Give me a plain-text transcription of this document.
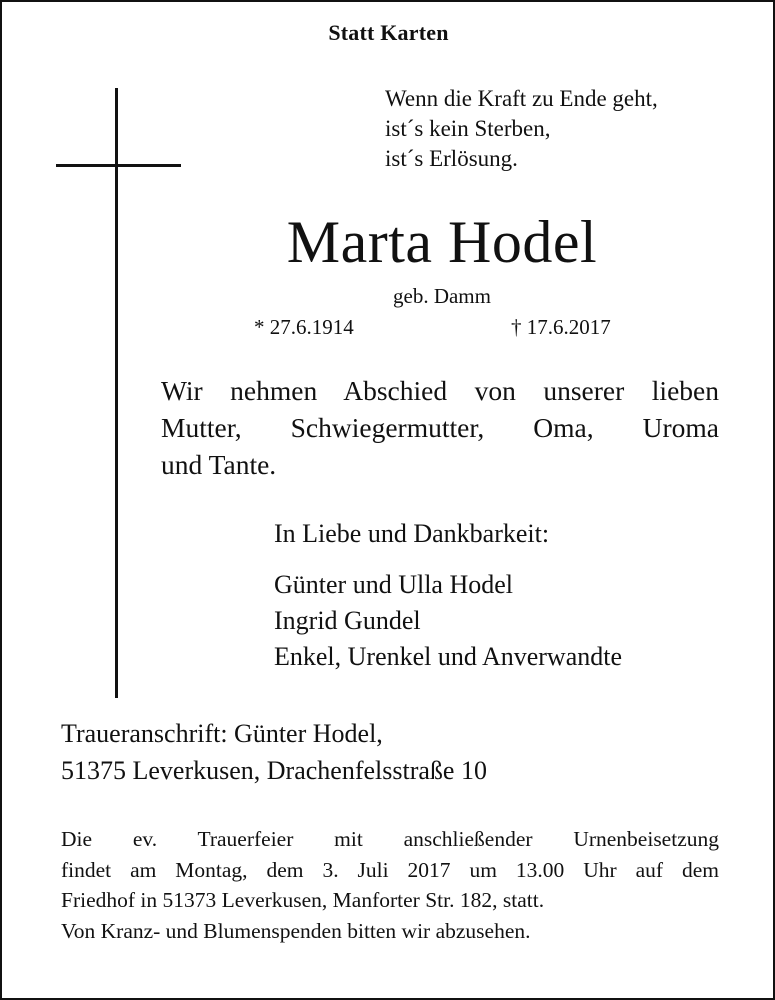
Statt Karten
Wenn die Kraft zu Ende geht,
ist´s kein Sterben,
ist´s Erlösung.
Marta Hodel
geb. Damm
* 27.6.1914	† 17.6.2017
Wir nehmen Abschied von unserer lieben
Mutter, Schwiegermutter, Oma, Uroma
und Tante.
In Liebe und Dankbarkeit:
Günter und Ulla Hodel
Ingrid Gundel
Enkel, Urenkel und Anverwandte
Traueranschrift: Günter Hodel,
51375 Leverkusen, Drachenfelsstraße 10
Die ev. Trauerfeier mit anschließender Urnenbeisetzung
findet am Montag, dem 3. Juli 2017 um 13.00 Uhr auf dem
Friedhof in 51373 Leverkusen, Manforter Str. 182, statt.
Von Kranz- und Blumenspenden bitten wir abzusehen.
